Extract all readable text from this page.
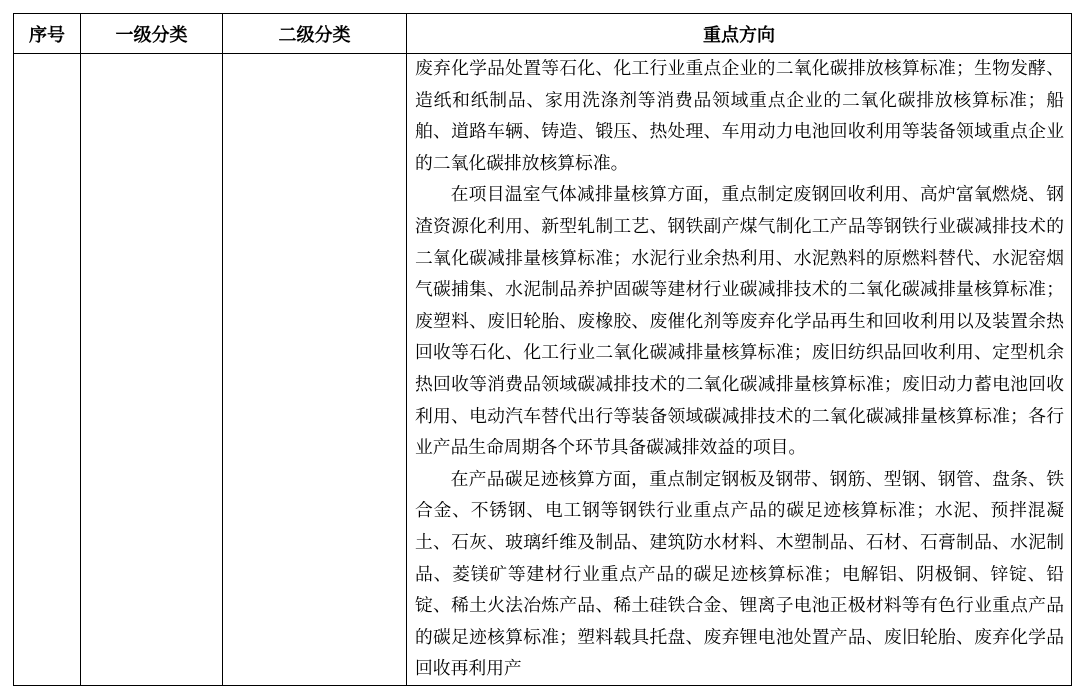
序号	一级分类	二级分类	重点方向

			废弃化学品处置等石化、化工行业重点企业的二氧化碳排放核算标准；生物发酵、造纸和纸制品、家用洗涤剂等消费品领域重点企业的二氧化碳排放核算标准；船舶、道路车辆、铸造、锻压、热处理、车用动力电池回收利用等装备领域重点企业的二氧化碳排放核算标准。

在项目温室气体减排量核算方面，重点制定废钢回收利用、高炉富氧燃烧、钢渣资源化利用、新型轧制工艺、钢铁副产煤气制化工产品等钢铁行业碳减排技术的二氧化碳减排量核算标准；水泥行业余热利用、水泥熟料的原燃料替代、水泥窑烟气碳捕集、水泥制品养护固碳等建材行业碳减排技术的二氧化碳减排量核算标准；废塑料、废旧轮胎、废橡胶、废催化剂等废弃化学品再生和回收利用以及装置余热回收等石化、化工行业二氧化碳减排量核算标准；废旧纺织品回收利用、定型机余热回收等消费品领域碳减排技术的二氧化碳减排量核算标准；废旧动力蓄电池回收利用、电动汽车替代出行等装备领域碳减排技术的二氧化碳减排量核算标准；各行业产品生命周期各个环节具备碳减排效益的项目。

在产品碳足迹核算方面，重点制定钢板及钢带、钢筋、型钢、钢管、盘条、铁合金、不锈钢、电工钢等钢铁行业重点产品的碳足迹核算标准；水泥、预拌混凝土、石灰、玻璃纤维及制品、建筑防水材料、木塑制品、石材、石膏制品、水泥制品、菱镁矿等建材行业重点产品的碳足迹核算标准；电解铝、阴极铜、锌锭、铅锭、稀土火法冶炼产品、稀土硅铁合金、锂离子电池正极材料等有色行业重点产品的碳足迹核算标准；塑料载具托盘、废弃锂电池处置产品、废旧轮胎、废弃化学品回收再利用产
